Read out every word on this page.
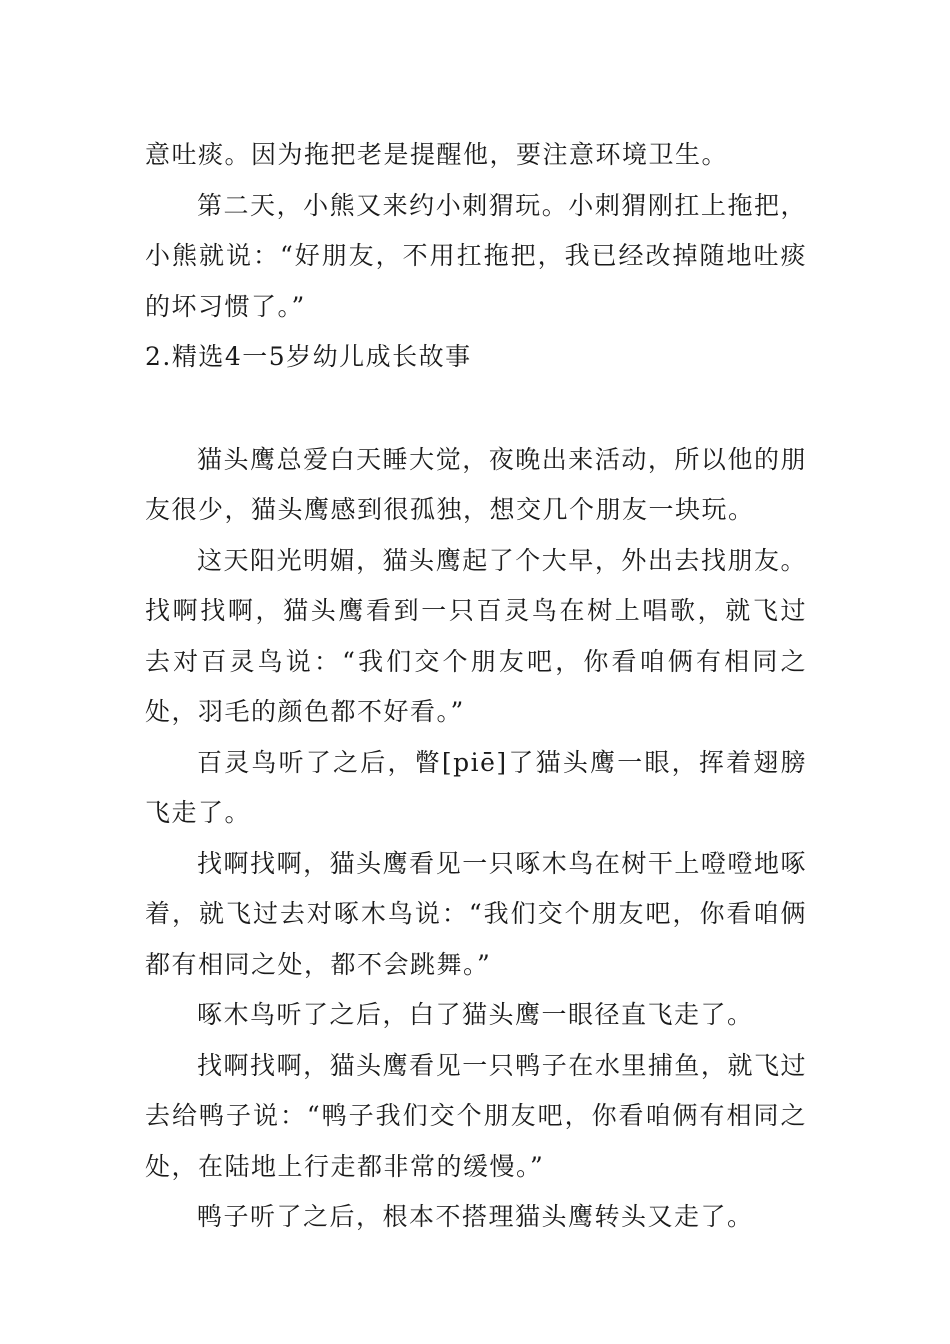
意吐痰。因为拖把老是提醒他，要注意环境卫生。

第二天，小熊又来约小刺猬玩。小刺猬刚扛上拖把，小熊就说：“好朋友，不用扛拖把，我已经改掉随地吐痰的坏习惯了。”

2.精选4一5岁幼儿成长故事

猫头鹰总爱白天睡大觉，夜晚出来活动，所以他的朋友很少，猫头鹰感到很孤独，想交几个朋友一块玩。

这天阳光明媚，猫头鹰起了个大早，外出去找朋友。找啊找啊，猫头鹰看到一只百灵鸟在树上唱歌，就飞过去对百灵鸟说：“我们交个朋友吧，你看咱俩有相同之处，羽毛的颜色都不好看。”

百灵鸟听了之后，瞥[piē]了猫头鹰一眼，挥着翅膀飞走了。

找啊找啊，猫头鹰看见一只啄木鸟在树干上噔噔地啄着，就飞过去对啄木鸟说：“我们交个朋友吧，你看咱俩都有相同之处，都不会跳舞。”

啄木鸟听了之后，白了猫头鹰一眼径直飞走了。

找啊找啊，猫头鹰看见一只鸭子在水里捕鱼，就飞过去给鸭子说：“鸭子我们交个朋友吧，你看咱俩有相同之处，在陆地上行走都非常的缓慢。”

鸭子听了之后，根本不搭理猫头鹰转头又走了。
